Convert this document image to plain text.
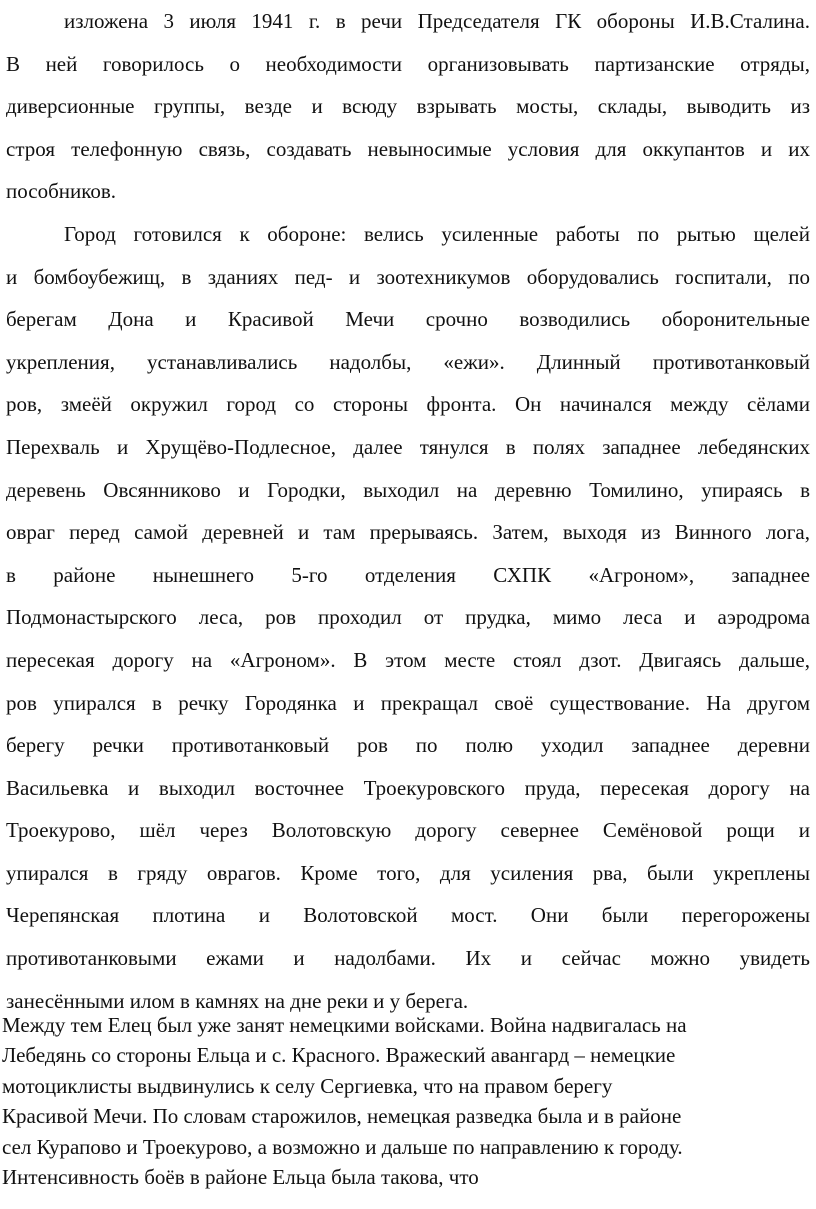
изложена 3 июля 1941 г. в речи Председателя ГК обороны И.В.Сталина.
В ней говорилось о необходимости организовывать партизанские отряды,
диверсионные группы, везде и всюду взрывать мосты, склады, выводить из
строя телефонную связь, создавать невыносимые условия для оккупантов и их
пособников.

Город готовился к обороне: велись усиленные работы по рытью щелей
и бомбоубежищ, в зданиях пед- и зоотехникумов оборудовались госпитали, по
берегам Дона и Красивой Мечи срочно возводились оборонительные
укрепления, устанавливались надолбы, «ежи». Длинный противотанковый
ров, змеёй окружил город со стороны фронта. Он начинался между сёлами
Перехваль и Хрущёво-Подлесное, далее тянулся в полях западнее лебедянских
деревень Овсянниково и Городки, выходил на деревню Томилино, упираясь в
овраг перед самой деревней и там прерываясь. Затем, выходя из Винного лога,
в районе нынешнего 5-го отделения СХПК «Агроном», западнее
Подмонастырского леса, ров проходил от прудка, мимо леса и аэродрома
пересекая дорогу на «Агроном». В этом месте стоял дзот. Двигаясь дальше,
ров упирался в речку Городянка и прекращал своё существование. На другом
берегу речки противотанковый ров по полю уходил западнее деревни
Васильевка и выходил восточнее Троекуровского пруда, пересекая дорогу на
Троекурово, шёл через Волотовскую дорогу севернее Семёновой рощи и
упирался в гряду оврагов. Кроме того, для усиления рва, были укреплены
Черепянская плотина и Волотовской мост. Они были перегорожены
противотанковыми ежами и надолбами. Их и сейчас можно увидеть
занесёнными илом в камнях на дне реки и у берега.

Между тем Елец был уже занят немецкими войсками. Война надвигалась на
Лебедянь со стороны Ельца и с. Красного. Вражеский авангард – немецкие
мотоциклисты выдвинулись к селу Сергиевка, что на правом берегу
Красивой Мечи. По словам старожилов, немецкая разведка была и в районе
сел Курапово и Троекурово, а возможно и дальше по направлению к городу.
Интенсивность боёв в районе Ельца была такова, что
